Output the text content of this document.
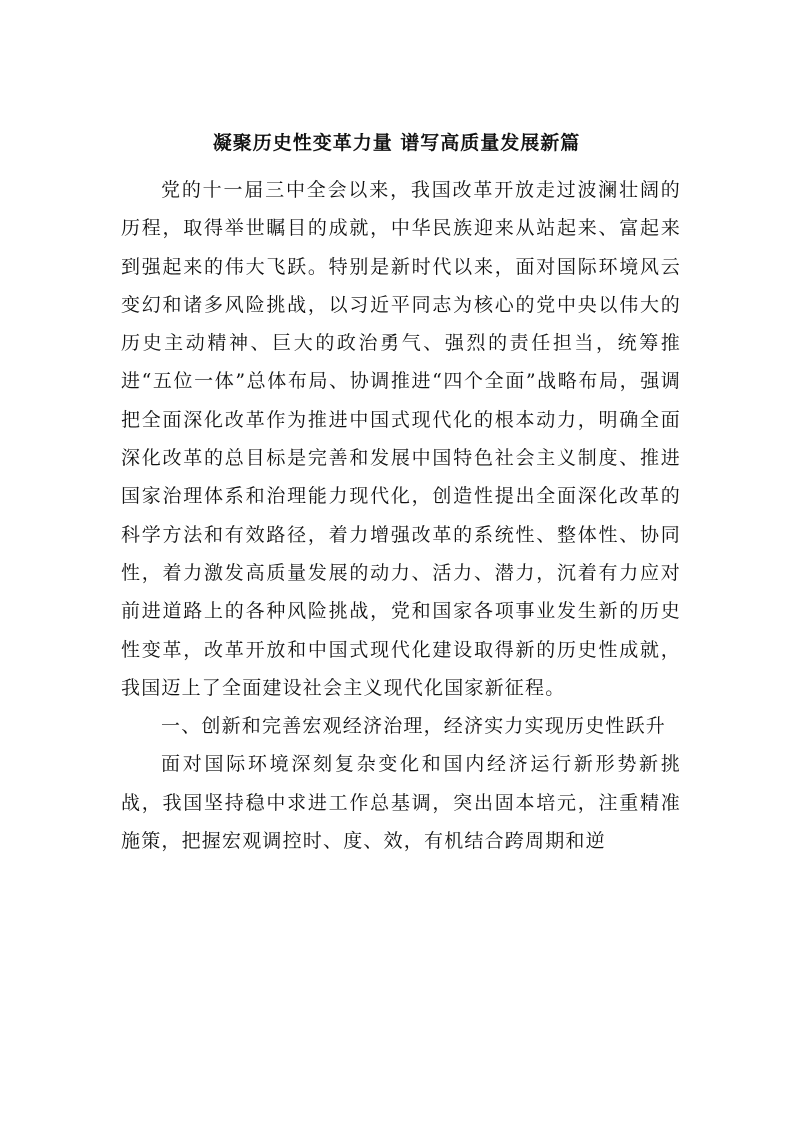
凝聚历史性变革力量 谱写高质量发展新篇

党的十一届三中全会以来，我国改革开放走过波澜壮阔的历程，取得举世瞩目的成就，中华民族迎来从站起来、富起来到强起来的伟大飞跃。特别是新时代以来，面对国际环境风云变幻和诸多风险挑战，以习近平同志为核心的党中央以伟大的历史主动精神、巨大的政治勇气、强烈的责任担当，统筹推进“五位一体”总体布局、协调推进“四个全面”战略布局，强调把全面深化改革作为推进中国式现代化的根本动力，明确全面深化改革的总目标是完善和发展中国特色社会主义制度、推进国家治理体系和治理能力现代化，创造性提出全面深化改革的科学方法和有效路径，着力增强改革的系统性、整体性、协同性，着力激发高质量发展的动力、活力、潜力，沉着有力应对前进道路上的各种风险挑战，党和国家各项事业发生新的历史性变革，改革开放和中国式现代化建设取得新的历史性成就，我国迈上了全面建设社会主义现代化国家新征程。

一、创新和完善宏观经济治理，经济实力实现历史性跃升

面对国际环境深刻复杂变化和国内经济运行新形势新挑战，我国坚持稳中求进工作总基调，突出固本培元，注重精准施策，把握宏观调控时、度、效，有机结合跨周期和逆
